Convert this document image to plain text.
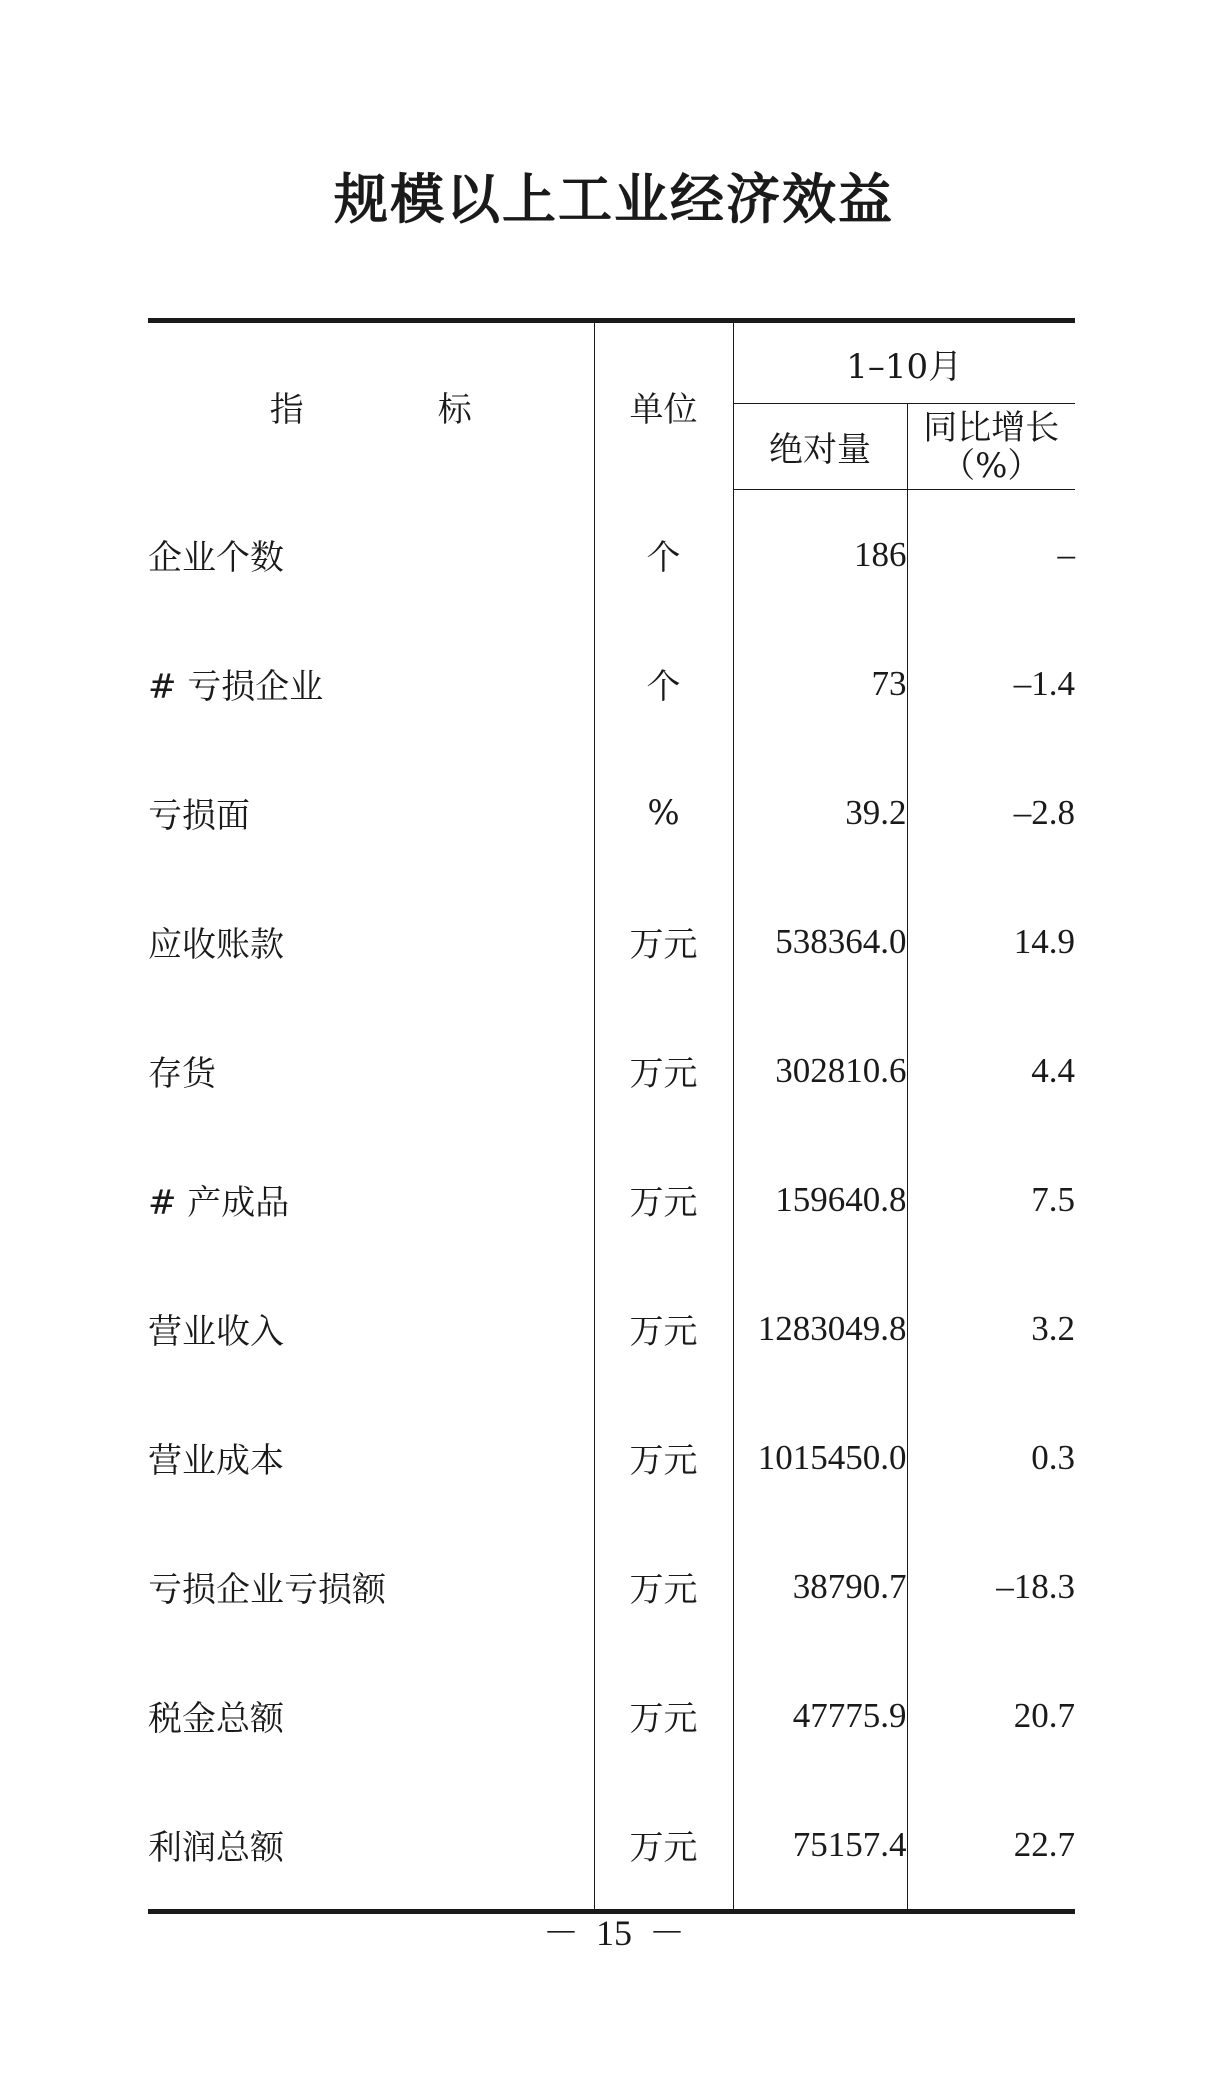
规模以上工业经济效益
指　标	单位	1–10月	
		绝对量	同比增长
（%）

企业个数	个	186	–
# 亏损企业	个	73	–1.4
亏损面	%	39.2	–2.8
应收账款	万元	538364.0	14.9
存货	万元	302810.6	4.4
# 产成品	万元	159640.8	7.5
营业收入	万元	1283049.8	3.2
营业成本	万元	1015450.0	0.3
亏损企业亏损额	万元	38790.7	–18.3
税金总额	万元	47775.9	20.7
利润总额	万元	75157.4	22.7
－ 15 －
